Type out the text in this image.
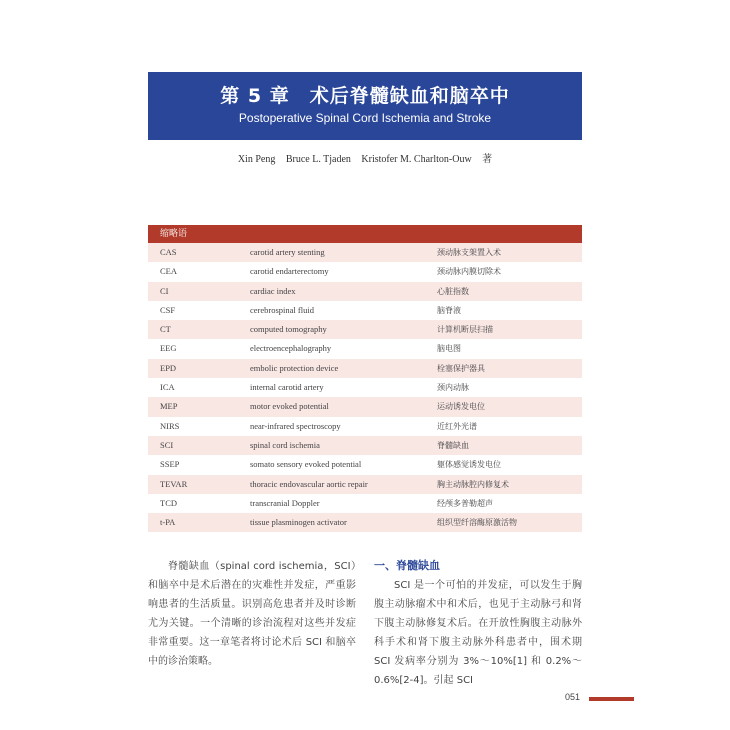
第 5 章　术后脊髓缺血和脑卒中
Postoperative Spinal Cord Ischemia and Stroke
Xin Peng Bruce L. Tjaden Kristofer M. Charlton-Ouw 著
缩略语
CAS	carotid artery stenting	颈动脉支架置入术
CEA	carotid endarterectomy	颈动脉内膜切除术
CI	cardiac index	心脏指数
CSF	cerebrospinal fluid	脑脊液
CT	computed tomography	计算机断层扫描
EEG	electroencephalography	脑电图
EPD	embolic protection device	栓塞保护器具
ICA	internal carotid artery	颈内动脉
MEP	motor evoked potential	运动诱发电位
NIRS	near-infrared spectroscopy	近红外光谱
SCI	spinal cord ischemia	脊髓缺血
SSEP	somato sensory evoked potential	躯体感觉诱发电位
TEVAR	thoracic endovascular aortic repair	胸主动脉腔内修复术
TCD	transcranial Doppler	经颅多普勒超声
t-PA	tissue plasminogen activator	组织型纤溶酶原激活物
脊髓缺血（spinal cord ischemia，SCI）和脑卒中是术后潜在的灾难性并发症，严重影响患者的生活质量。识别高危患者并及时诊断尤为关键。一个清晰的诊治流程对这些并发症非常重要。这一章笔者将讨论术后 SCI 和脑卒中的诊治策略。
一、脊髓缺血
SCI 是一个可怕的并发症，可以发生于胸腹主动脉瘤术中和术后，也见于主动脉弓和肾下腹主动脉修复术后。在开放性胸腹主动脉外科手术和肾下腹主动脉外科患者中，围术期 SCI 发病率分别为 3%～10%[1] 和 0.2%～0.6%[2-4]。引起 SCI
051
